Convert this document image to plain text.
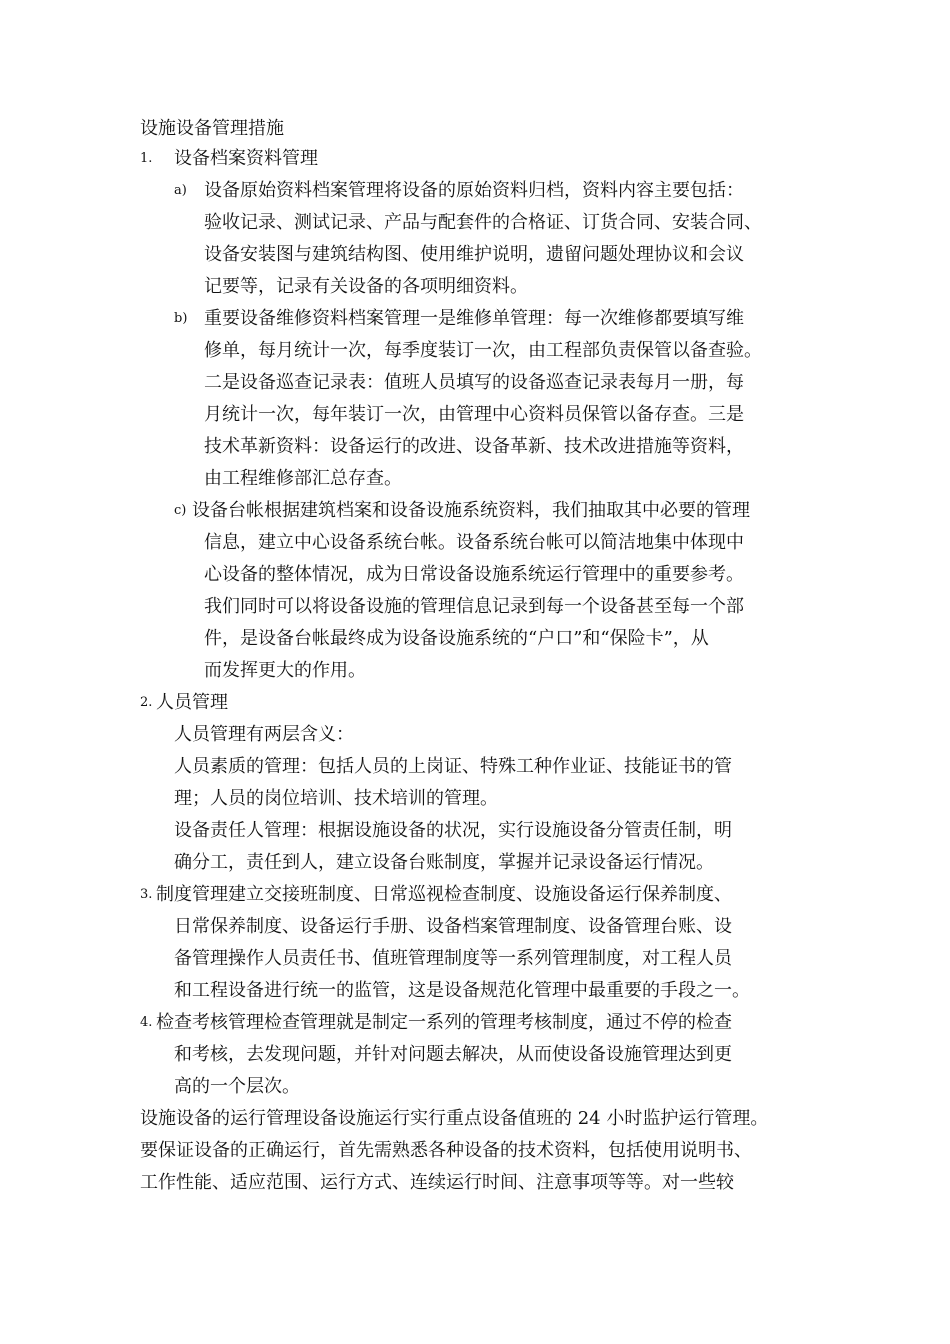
设施设备管理措施
1. 设备档案资料管理
a) 设备原始资料档案管理将设备的原始资料归档，资料内容主要包括：
验收记录、测试记录、产品与配套件的合格证、订货合同、安装合同、
设备安装图与建筑结构图、使用维护说明，遗留问题处理协议和会议
记要等，记录有关设备的各项明细资料。
b) 重要设备维修资料档案管理一是维修单管理：每一次维修都要填写维
修单，每月统计一次，每季度装订一次，由工程部负责保管以备查验。
二是设备巡查记录表：值班人员填写的设备巡查记录表每月一册，每
月统计一次，每年装订一次，由管理中心资料员保管以备存查。三是
技术革新资料：设备运行的改进、设备革新、技术改进措施等资料，
由工程维修部汇总存查。
c) 设备台帐根据建筑档案和设备设施系统资料，我们抽取其中必要的管理
信息，建立中心设备系统台帐。设备系统台帐可以简洁地集中体现中
心设备的整体情况，成为日常设备设施系统运行管理中的重要参考。
我们同时可以将设备设施的管理信息记录到每一个设备甚至每一个部
件，是设备台帐最终成为设备设施系统的“户口”和“保险卡”，从
而发挥更大的作用。
2. 人员管理
人员管理有两层含义：
人员素质的管理：包括人员的上岗证、特殊工种作业证、技能证书的管
理；人员的岗位培训、技术培训的管理。
设备责任人管理：根据设施设备的状况，实行设施设备分管责任制，明
确分工，责任到人，建立设备台账制度，掌握并记录设备运行情况。
3. 制度管理建立交接班制度、日常巡视检查制度、设施设备运行保养制度、
日常保养制度、设备运行手册、设备档案管理制度、设备管理台账、设
备管理操作人员责任书、值班管理制度等一系列管理制度，对工程人员
和工程设备进行统一的监管，这是设备规范化管理中最重要的手段之一。
4. 检查考核管理检查管理就是制定一系列的管理考核制度，通过不停的检查
和考核，去发现问题，并针对问题去解决，从而使设备设施管理达到更
高的一个层次。
设施设备的运行管理设备设施运行实行重点设备值班的 24 小时监护运行管理。
要保证设备的正确运行，首先需熟悉各种设备的技术资料，包括使用说明书、
工作性能、适应范围、运行方式、连续运行时间、注意事项等等。对一些较
